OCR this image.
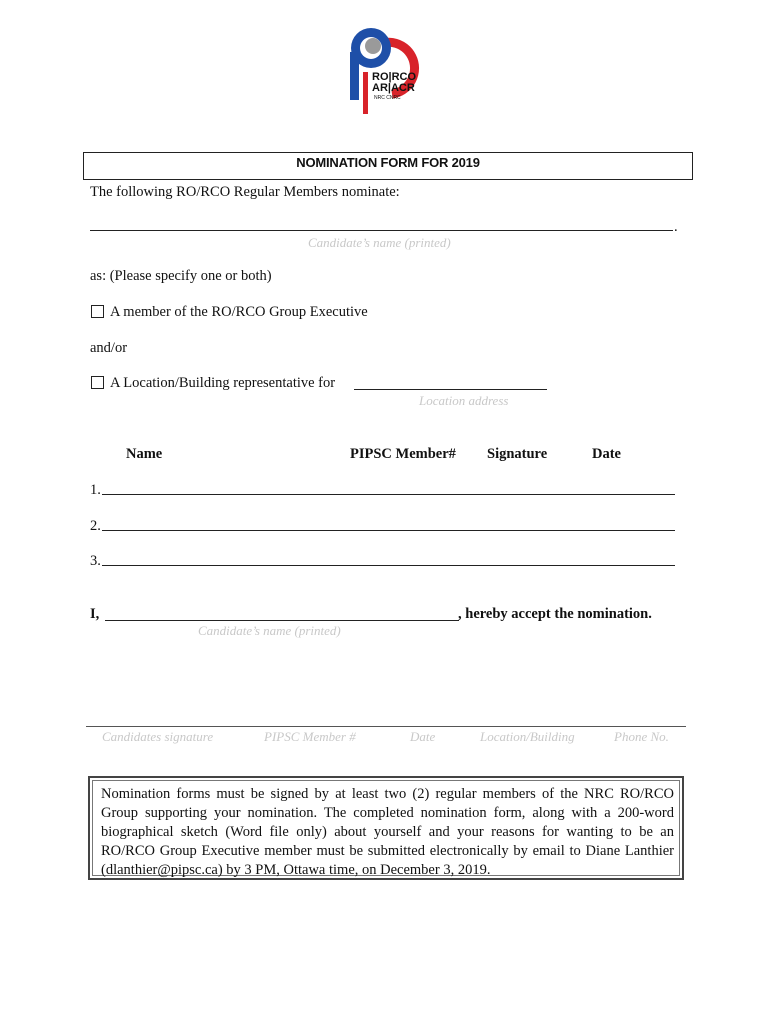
RO|RCO
AR|ACR
NRC CNRC
NOMINATION FORM FOR 2019
The following RO/RCO Regular Members nominate:
.
Candidate’s name (printed)
as: (Please specify one or both)
A member of the RO/RCO Group Executive
and/or
A Location/Building representative for
Location address
Name	PIPSC Member# Signature	Date
1.
2.
3.
I,	, hereby accept the nomination.
Candidate’s name (printed)
Candidates signature	PIPSC Member #	Date	Location/Building	Phone No.
Nomination forms must be signed by at least two (2) regular members of the NRC RO/RCO Group supporting your nomination. The completed nomination form, along with a 200-word biographical sketch (Word file only) about yourself and your reasons for wanting to be an RO/RCO Group Executive member must be submitted electronically by email to Diane Lanthier (dlanthier@pipsc.ca) by 3 PM, Ottawa time, on December 3, 2019.
